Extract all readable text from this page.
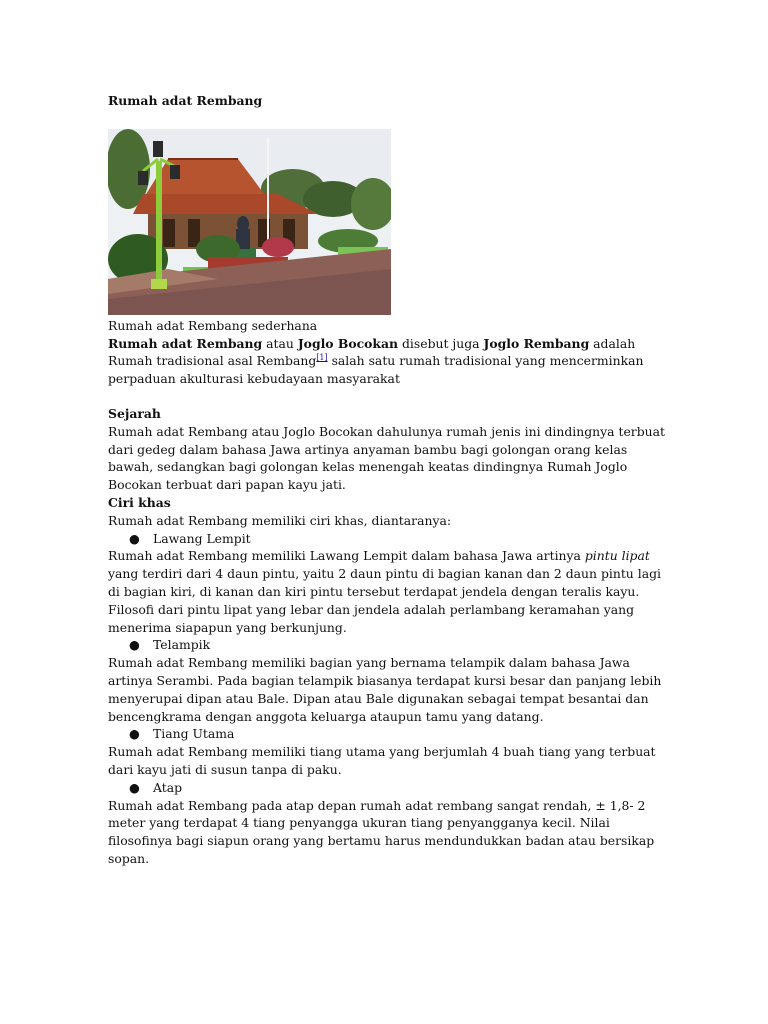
Rumah adat Rembang

Rumah adat Rembang sederhana

Rumah adat Rembang atau Joglo Bocokan disebut juga Joglo Rembang adalah Rumah tradisional asal Rembang[1] salah satu rumah tradisional yang mencerminkan perpaduan akulturasi kebudayaan masyarakat

Sejarah

Rumah adat Rembang atau Joglo Bocokan dahulunya rumah jenis ini dindingnya terbuat dari gedeg dalam bahasa Jawa artinya anyaman bambu bagi golongan orang kelas bawah, sedangkan bagi golongan kelas menengah keatas dindingnya Rumah Joglo Bocokan terbuat dari papan kayu jati.

Ciri khas

Rumah adat Rembang memiliki ciri khas, diantaranya:

● Lawang Lempit

Rumah adat Rembang memiliki Lawang Lempit dalam bahasa Jawa artinya pintu lipat yang terdiri dari 4 daun pintu, yaitu 2 daun pintu di bagian kanan dan 2 daun pintu lagi di bagian kiri, di kanan dan kiri pintu tersebut terdapat jendela dengan teralis kayu. Filosofi dari pintu lipat yang lebar dan jendela adalah perlambang keramahan yang menerima siapapun yang berkunjung.

● Telampik

Rumah adat Rembang memiliki bagian yang bernama telampik dalam bahasa Jawa artinya Serambi. Pada bagian telampik biasanya terdapat kursi besar dan panjang lebih menyerupai dipan atau Bale. Dipan atau Bale digunakan sebagai tempat besantai dan bencengkrama dengan anggota keluarga ataupun tamu yang datang.

● Tiang Utama

Rumah adat Rembang memiliki tiang utama yang berjumlah 4 buah tiang yang terbuat dari kayu jati di susun tanpa di paku.

● Atap

Rumah adat Rembang pada atap depan rumah adat rembang sangat rendah, ± 1,8- 2 meter yang terdapat 4 tiang penyangga ukuran tiang penyangganya kecil. Nilai filosofinya bagi siapun orang yang bertamu harus mendundukkan badan atau bersikap sopan.
